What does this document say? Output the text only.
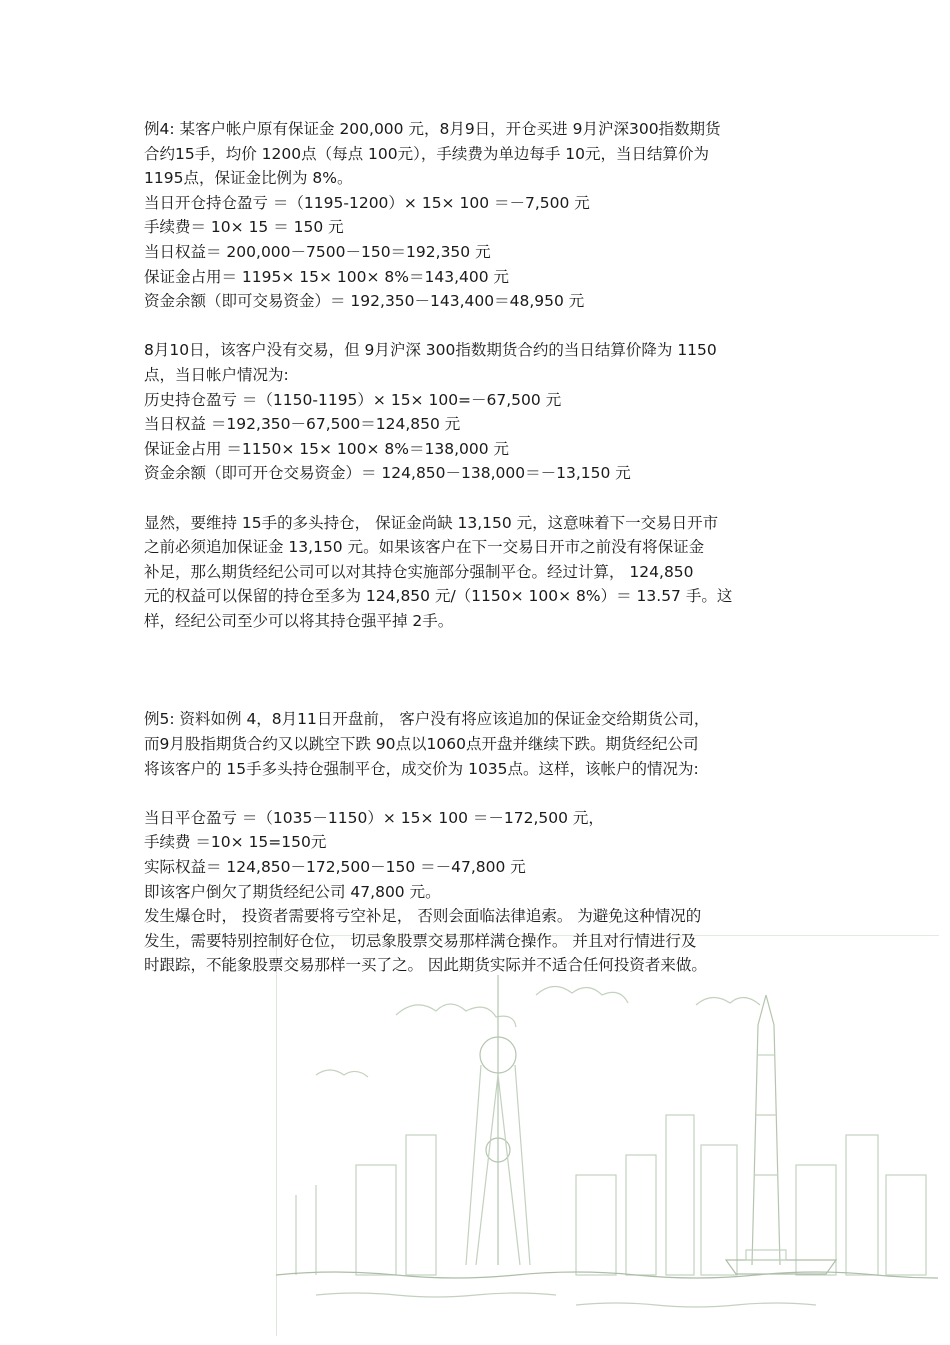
例4: 某客户帐户原有保证金 200,000 元，8月9日，开仓买进 9月沪深300指数期货
合约15手，均价 1200点（每点 100元），手续费为单边每手 10元，当日结算价为
1195点，保证金比例为 8%。
当日开仓持仓盈亏 ＝（1195-1200）× 15× 100 ＝－7,500 元
手续费＝ 10× 15 ＝ 150 元
当日权益＝ 200,000－7500－150＝192,350 元
保证金占用＝ 1195× 15× 100× 8%＝143,400 元
资金余额（即可交易资金）＝ 192,350－143,400＝48,950 元
8月10日，该客户没有交易，但 9月沪深 300指数期货合约的当日结算价降为 1150
点，当日帐户情况为:
历史持仓盈亏 ＝（1150-1195）× 15× 100=－67,500 元
当日权益 ＝192,350－67,500＝124,850 元
保证金占用 ＝1150× 15× 100× 8%＝138,000 元
资金余额（即可开仓交易资金）＝ 124,850－138,000＝－13,150 元
显然，要维持 15手的多头持仓， 保证金尚缺 13,150 元，这意味着下一交易日开市
之前必须追加保证金 13,150 元。如果该客户在下一交易日开市之前没有将保证金
补足，那么期货经纪公司可以对其持仓实施部分强制平仓。经过计算， 124,850
元的权益可以保留的持仓至多为 124,850 元/（1150× 100× 8%）＝ 13.57 手。这
样，经纪公司至少可以将其持仓强平掉 2手。
例5: 资料如例 4，8月11日开盘前， 客户没有将应该追加的保证金交给期货公司，
而9月股指期货合约又以跳空下跌 90点以1060点开盘并继续下跌。期货经纪公司
将该客户的 15手多头持仓强制平仓，成交价为 1035点。这样，该帐户的情况为:
当日平仓盈亏 ＝（1035－1150）× 15× 100 ＝－172,500 元，
手续费 ＝10× 15=150元
实际权益＝ 124,850－172,500－150 ＝－47,800 元
即该客户倒欠了期货经纪公司 47,800 元。
发生爆仓时， 投资者需要将亏空补足， 否则会面临法律追索。 为避免这种情况的
发生，需要特别控制好仓位， 切忌象股票交易那样满仓操作。 并且对行情进行及
时跟踪，不能象股票交易那样一买了之。 因此期货实际并不适合任何投资者来做。
